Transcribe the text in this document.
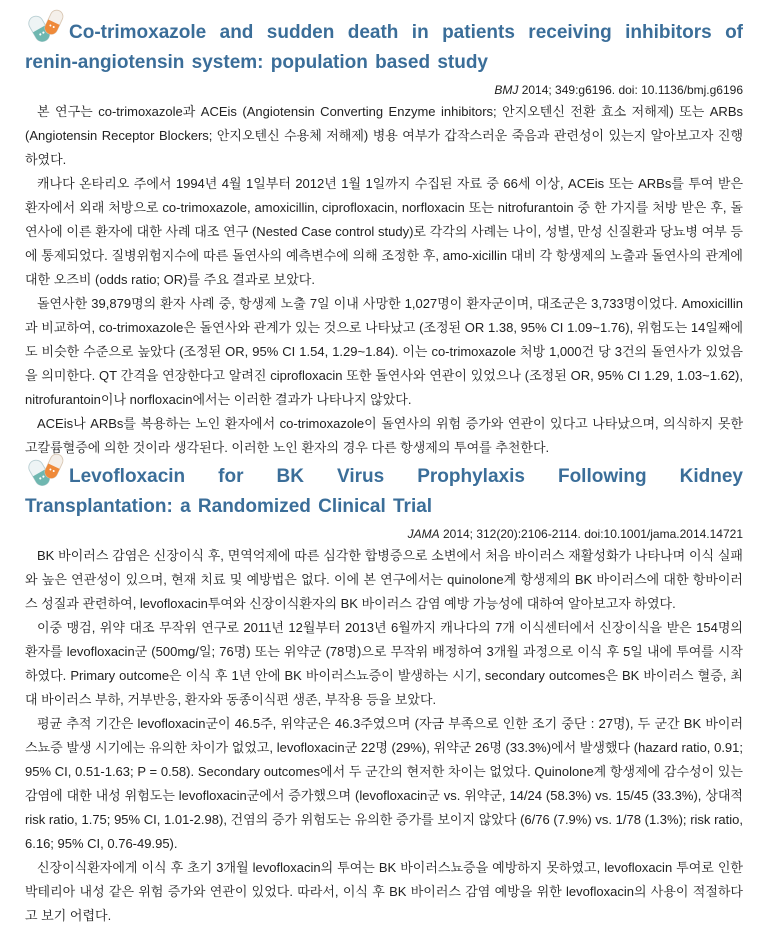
Co-trimoxazole and sudden death in patients receiving inhibitors of renin-angiotensin system: population based study
BMJ 2014; 349:g6196. doi: 10.1136/bmj.g6196

본 연구는 co-trimoxazole과 ACEis (Angiotensin Converting Enzyme inhibitors; 안지오텐신 전환 효소 저해제) 또는 ARBs (Angiotensin Receptor Blockers; 안지오텐신 수용체 저해제) 병용 여부가 갑작스러운 죽음과 관련성이 있는지 알아보고자 진행하였다.

캐나다 온타리오 주에서 1994년 4월 1일부터 2012년 1월 1일까지 수집된 자료 중 66세 이상, ACEis 또는 ARBs를 투여 받은 환자에서 외래 처방으로 co-trimoxazole, amoxicillin, ciprofloxacin, norfloxacin 또는 nitrofurantoin 중 한 가지를 처방 받은 후, 돌연사에 이른 환자에 대한 사례 대조 연구 (Nested Case control study)로 각각의 사례는 나이, 성별, 만성 신질환과 당뇨병 여부 등에 통제되었다. 질병위험지수에 따른 돌연사의 예측변수에 의해 조정한 후, amo-xicillin 대비 각 항생제의 노출과 돌연사의 관계에 대한 오즈비 (odds ratio; OR)를 주요 결과로 보았다.

돌연사한 39,879명의 환자 사례 중, 항생제 노출 7일 이내 사망한 1,027명이 환자군이며, 대조군은 3,733명이었다. Amoxicillin과 비교하여, co-trimoxazole은 돌연사와 관계가 있는 것으로 나타났고 (조정된 OR 1.38, 95% CI 1.09~1.76), 위험도는 14일째에도 비슷한 수준으로 높았다 (조정된 OR, 95% CI 1.54, 1.29~1.84). 이는 co-trimoxazole 처방 1,000건 당 3건의 돌연사가 있었음을 의미한다. QT 간격을 연장한다고 알려진 ciprofloxacin 또한 돌연사와 연관이 있었으나 (조정된 OR, 95% CI 1.29, 1.03~1.62), nitrofurantoin이나 norfloxacin에서는 이러한 결과가 나타나지 않았다.

ACEis나 ARBs를 복용하는 노인 환자에서 co-trimoxazole이 돌연사의 위험 증가와 연관이 있다고 나타났으며, 의식하지 못한 고칼륨혈증에 의한 것이라 생각된다. 이러한 노인 환자의 경우 다른 항생제의 투여를 추천한다.

Levofloxacin for BK Virus Prophylaxis Following Kidney Transplantation: a Randomized Clinical Trial
JAMA 2014; 312(20):2106-2114. doi:10.1001/jama.2014.14721

BK 바이러스 감염은 신장이식 후, 면역억제에 따른 심각한 합병증으로 소변에서 처음 바이러스 재활성화가 나타나며 이식 실패와 높은 연관성이 있으며, 현재 치료 및 예방법은 없다. 이에 본 연구에서는 quinolone계 항생제의 BK 바이러스에 대한 항바이러스 성질과 관련하여, levofloxacin투여와 신장이식환자의 BK 바이러스 감염 예방 가능성에 대하여 알아보고자 하였다.

이중 맹검, 위약 대조 무작위 연구로 2011년 12월부터 2013년 6월까지 캐나다의 7개 이식센터에서 신장이식을 받은 154명의 환자를 levofloxacin군 (500mg/일; 76명) 또는 위약군 (78명)으로 무작위 배정하여 3개월 과정으로 이식 후 5일 내에 투여를 시작하였다. Primary outcome은 이식 후 1년 안에 BK 바이러스뇨증이 발생하는 시기, secondary outcomes은 BK 바이러스 혈증, 최대 바이러스 부하, 거부반응, 환자와 동종이식편 생존, 부작용 등을 보았다.

평균 추적 기간은 levofloxacin군이 46.5주, 위약군은 46.3주였으며 (자금 부족으로 인한 조기 중단 : 27명), 두 군간 BK 바이러스뇨증 발생 시기에는 유의한 차이가 없었고, levofloxacin군 22명 (29%), 위약군 26명 (33.3%)에서 발생했다 (hazard ratio, 0.91; 95% CI, 0.51-1.63; P = 0.58). Secondary outcomes에서 두 군간의 현저한 차이는 없었다. Quinolone계 항생제에 감수성이 있는 감염에 대한 내성 위험도는 levofloxacin군에서 증가했으며 (levofloxacin군 vs. 위약군, 14/24 (58.3%) vs. 15/45 (33.3%), 상대적 risk ratio, 1.75; 95% CI, 1.01-2.98), 건염의 증가 위험도는 유의한 증가를 보이지 않았다 (6/76 (7.9%) vs. 1/78 (1.3%); risk ratio, 6.16; 95% CI, 0.76-49.95).

신장이식환자에게 이식 후 초기 3개월 levofloxacin의 투여는 BK 바이러스뇨증을 예방하지 못하였고, levofloxacin 투여로 인한 박테리아 내성 같은 위험 증가와 연관이 있었다. 따라서, 이식 후 BK 바이러스 감염 예방을 위한 levofloxacin의 사용이 적절하다고 보기 어렵다.
